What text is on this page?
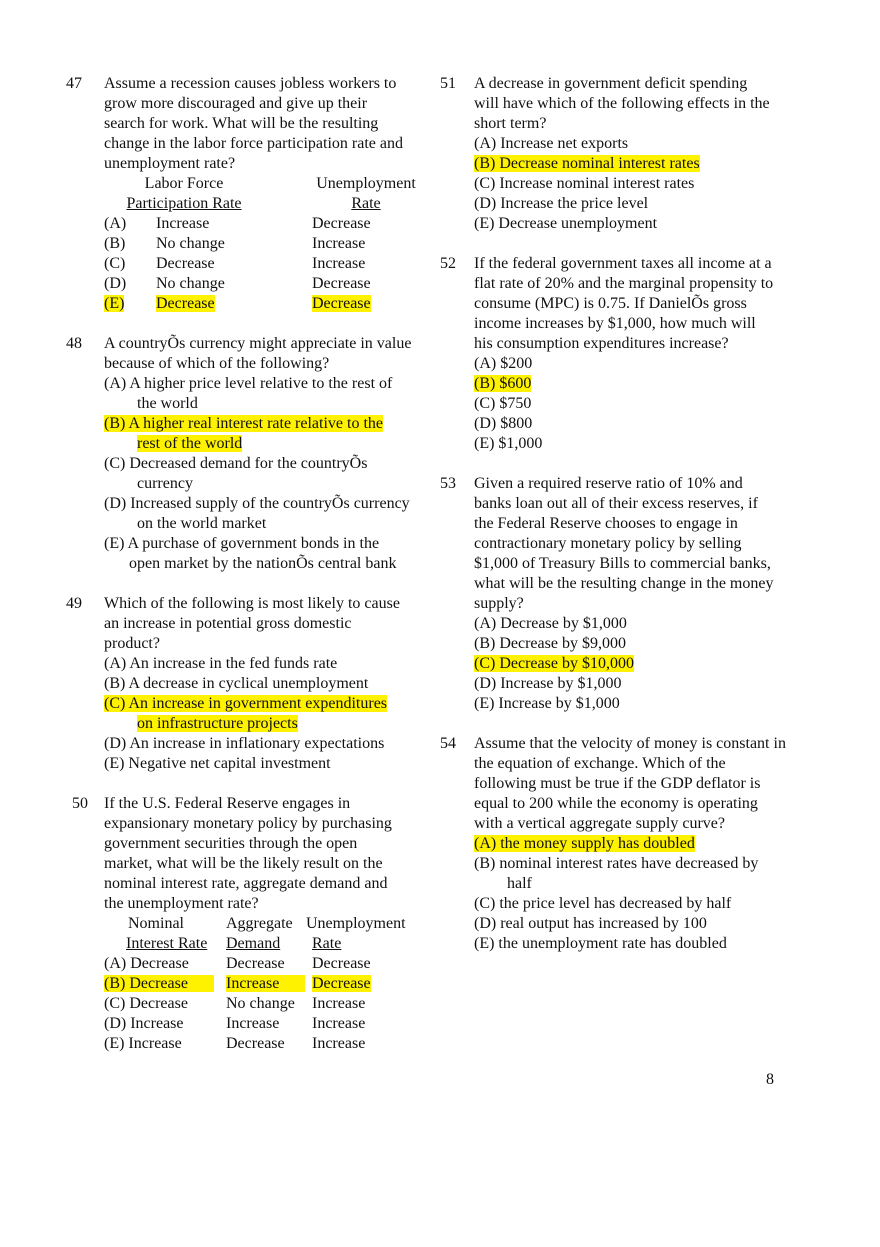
47 Assume a recession causes jobless workers to
grow more discouraged and give up their
search for work. What will be the resulting
change in the labor force participation rate and
unemployment rate?
Labor Force	Unemployment
Participation Rate	Rate
(A)	Increase	Decrease
(B)	No change	Increase
(C)	Decrease	Increase
(D)	No change	Decrease
(E)	Decrease	Decrease
48 A countryÕs currency might appreciate in value
because of which of the following?
(A) A higher price level relative to the rest of
the world
(B) A higher real interest rate relative to the
rest of the world
(C) Decreased demand for the countryÕs
currency
(D) Increased supply of the countryÕs currency
on the world market
(E) A purchase of government bonds in the
open market by the nationÕs central bank
49 Which of the following is most likely to cause
an increase in potential gross domestic
product?
(A) An increase in the fed funds rate
(B) A decrease in cyclical unemployment
(C) An increase in government expenditures
on infrastructure projects
(D) An increase in inflationary expectations
(E) Negative net capital investment
50 If the U.S. Federal Reserve engages in
expansionary monetary policy by purchasing
government securities through the open
market, what will be the likely result on the
nominal interest rate, aggregate demand and
the unemployment rate?
Nominal	Aggregate Unemployment
Interest Rate	Demand	Rate
(A) Decrease	Decrease	Decrease
(B) Decrease	Increase	Decrease
(C) Decrease	No change	Increase
(D) Increase	Increase	Increase
(E) Increase	Decrease	Increase
51 A decrease in government deficit spending
will have which of the following effects in the
short term?
(A) Increase net exports
(B) Decrease nominal interest rates
(C) Increase nominal interest rates
(D) Increase the price level
(E) Decrease unemployment
52 If the federal government taxes all income at a
flat rate of 20% and the marginal propensity to
consume (MPC) is 0.75. If DanielÕs gross
income increases by $1,000, how much will
his consumption expenditures increase?
(A) $200
(B) $600
(C) $750
(D) $800
(E) $1,000
53 Given a required reserve ratio of 10% and
banks loan out all of their excess reserves, if
the Federal Reserve chooses to engage in
contractionary monetary policy by selling
$1,000 of Treasury Bills to commercial banks,
what will be the resulting change in the money
supply?
(A) Decrease by $1,000
(B) Decrease by $9,000
(C) Decrease by $10,000
(D) Increase by $1,000
(E) Increase by $1,000
54 Assume that the velocity of money is constant in
the equation of exchange. Which of the
following must be true if the GDP deflator is
equal to 200 while the economy is operating
with a vertical aggregate supply curve?
(A) the money supply has doubled
(B) nominal interest rates have decreased by
half
(C) the price level has decreased by half
(D) real output has increased by 100
(E) the unemployment rate has doubled
8
